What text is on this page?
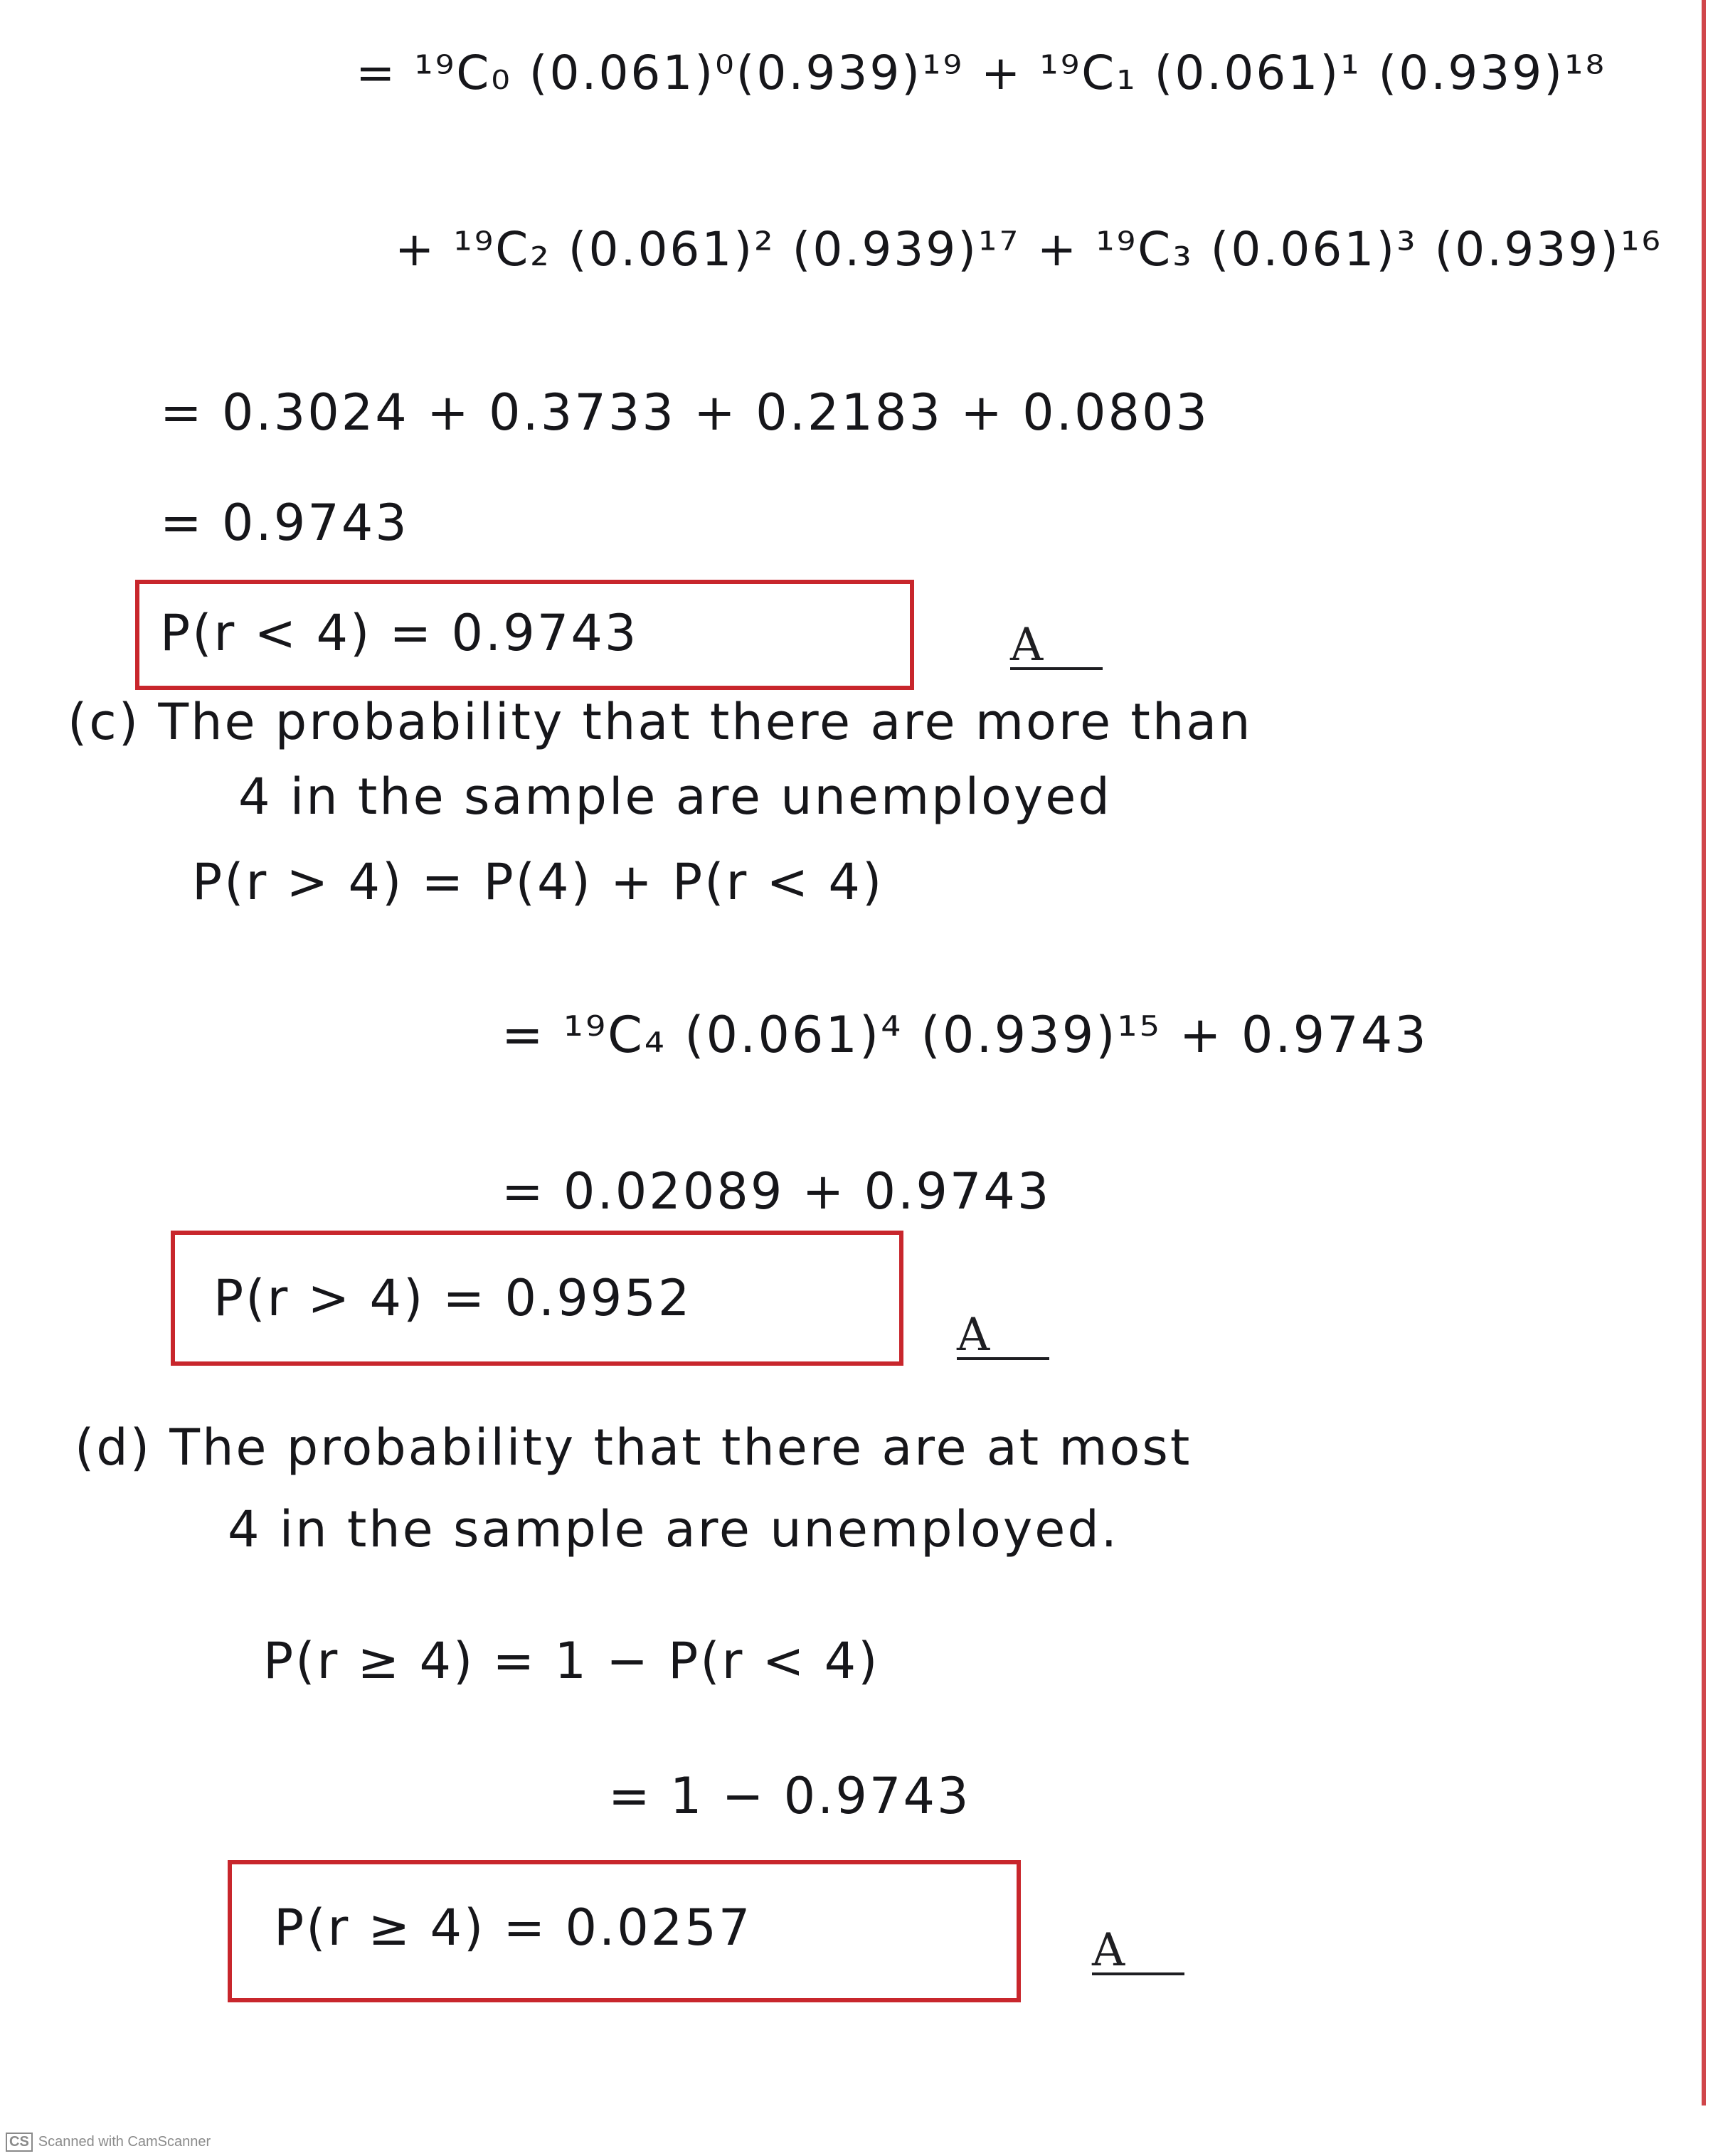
= ¹⁹C₀ (0.061)⁰(0.939)¹⁹ + ¹⁹C₁ (0.061)¹ (0.939)¹⁸
+ ¹⁹C₂ (0.061)² (0.939)¹⁷ + ¹⁹C₃ (0.061)³ (0.939)¹⁶
= 0.3024 + 0.3733 + 0.2183 + 0.0803
= 0.9743
P(r < 4) = 0.9743	A
(c) The probability that there are more than
4 in the sample are unemployed
P(r > 4) = P(4) + P(r < 4)
= ¹⁹C₄ (0.061)⁴ (0.939)¹⁵ + 0.9743
= 0.02089 + 0.9743
P(r > 4) = 0.9952
A
(d) The probability that there are at most
4 in the sample are unemployed.
P(r ≥ 4) = 1 − P(r < 4)
= 1 − 0.9743
P(r ≥ 4) = 0.0257	A
CS Scanned with CamScanner
